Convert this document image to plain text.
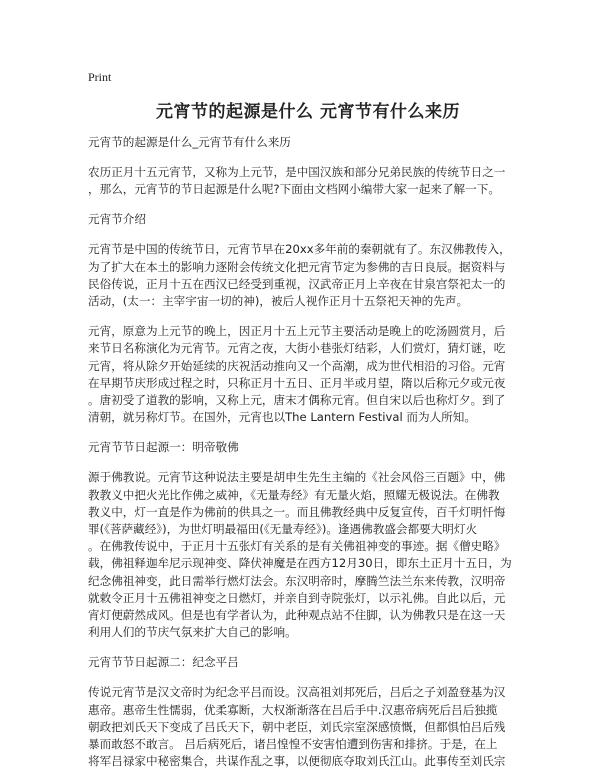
Print
元宵节的起源是什么 元宵节有什么来历
元宵节的起源是什么_元宵节有什么来历
农历正月十五元宵节，又称为上元节，是中国汉族和部分兄弟民族的传统节日之一
，那么，元宵节的节日起源是什么呢?下面由文档网小编带大家一起来了解一下。
元宵节介绍
元宵节是中国的传统节日，元宵节早在20xx多年前的秦朝就有了。东汉佛教传入，
为了扩大在本土的影响力逐附会传统文化把元宵节定为参佛的吉日良辰。据资料与
民俗传说，正月十五在西汉已经受到重视，汉武帝正月上辛夜在甘泉宫祭祀太一的
活动，(太一：主宰宇宙一切的神)，被后人视作正月十五祭祀天神的先声。
元宵，原意为上元节的晚上，因正月十五上元节主要活动是晚上的吃汤圆赏月，后
来节日名称演化为元宵节。元宵之夜，大街小巷张灯结彩，人们赏灯，猜灯谜，吃
元宵，将从除夕开始延续的庆祝活动推向又一个高潮，成为世代相沿的习俗。元宵
在早期节庆形成过程之时，只称正月十五日、正月半或月望，隋以后称元夕或元夜
。唐初受了道教的影响，又称上元，唐末才偶称元宵。但自宋以后也称灯夕。到了
清朝，就另称灯节。在国外，元宵也以The Lantern Festival 而为人所知。
元宵节节日起源一：明帝敬佛
源于佛教说。元宵节这种说法主要是胡申生先生主编的《社会风俗三百题》中，佛
教教义中把火光比作佛之威神，《无量寿经》有无量火焰，照耀无极说法。在佛教
教义中，灯一直是作为佛前的供具之一。而且佛教经典中反复宣传，百千灯明忏悔
罪(《菩萨藏经》)，为世灯明最福田(《无量寿经》)。逢遇佛教盛会都要大明灯火
。在佛教传说中，于正月十五张灯有关系的是有关佛祖神变的事迹。据《僧史略》
载，佛祖释迦牟尼示现神变、降伏神魔是在西方12月30日，即东土正月十五日，为
纪念佛祖神变，此日需举行燃灯法会。东汉明帝时，摩腾竺法兰东来传教，汉明帝
就敕令正月十五佛祖神变之日燃灯，并亲自到寺院张灯，以示礼佛。自此以后，元
宵灯便蔚然成风。但是也有学者认为，此种观点站不住脚，认为佛教只是在这一天
利用人们的节庆气氛来扩大自己的影响。
元宵节节日起源二：纪念平吕
传说元宵节是汉文帝时为纪念平吕而设。汉高祖刘邦死后，吕后之子刘盈登基为汉
惠帝。惠帝生性懦弱，优柔寡断，大权渐渐落在吕后手中.汉惠帝病死后吕后独揽
朝政把刘氏天下变成了吕氏天下，朝中老臣，刘氏宗室深感愤慨，但都惧怕吕后残
暴而敢怒不敢言。 吕后病死后，诸吕惶惶不安害怕遭到伤害和排挤。于是，在上
将军吕禄家中秘密集合，共谋作乱之事，以便彻底夺取刘氏江山。此事传至刘氏宗
